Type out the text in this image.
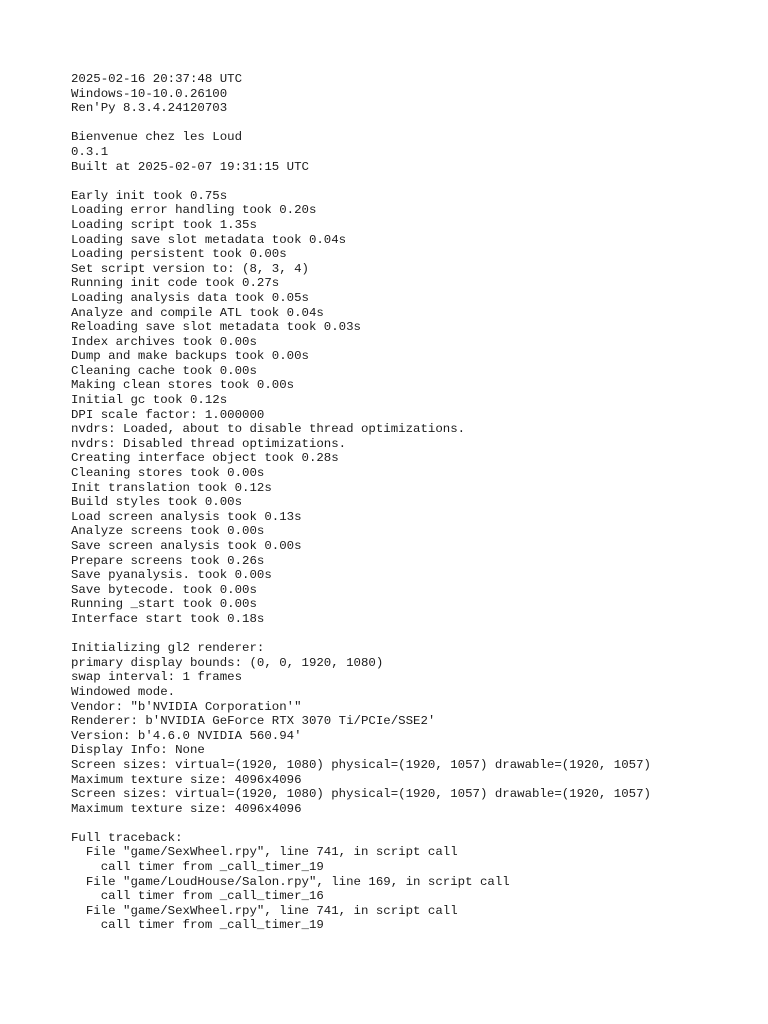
2025-02-16 20:37:48 UTC
Windows-10-10.0.26100
Ren'Py 8.3.4.24120703
Bienvenue chez les Loud
0.3.1
Built at 2025-02-07 19:31:15 UTC
Early init took 0.75s
Loading error handling took 0.20s
Loading script took 1.35s
Loading save slot metadata took 0.04s
Loading persistent took 0.00s
Set script version to: (8, 3, 4)
Running init code took 0.27s
Loading analysis data took 0.05s
Analyze and compile ATL took 0.04s
Reloading save slot metadata took 0.03s
Index archives took 0.00s
Dump and make backups took 0.00s
Cleaning cache took 0.00s
Making clean stores took 0.00s
Initial gc took 0.12s
DPI scale factor: 1.000000
nvdrs: Loaded, about to disable thread optimizations.
nvdrs: Disabled thread optimizations.
Creating interface object took 0.28s
Cleaning stores took 0.00s
Init translation took 0.12s
Build styles took 0.00s
Load screen analysis took 0.13s
Analyze screens took 0.00s
Save screen analysis took 0.00s
Prepare screens took 0.26s
Save pyanalysis. took 0.00s
Save bytecode. took 0.00s
Running _start took 0.00s
Interface start took 0.18s
Initializing gl2 renderer:
primary display bounds: (0, 0, 1920, 1080)
swap interval: 1 frames
Windowed mode.
Vendor: "b'NVIDIA Corporation'"
Renderer: b'NVIDIA GeForce RTX 3070 Ti/PCIe/SSE2'
Version: b'4.6.0 NVIDIA 560.94'
Display Info: None
Screen sizes: virtual=(1920, 1080) physical=(1920, 1057) drawable=(1920, 1057)
Maximum texture size: 4096x4096
Screen sizes: virtual=(1920, 1080) physical=(1920, 1057) drawable=(1920, 1057)
Maximum texture size: 4096x4096
Full traceback:
File "game/SexWheel.rpy", line 741, in script call
call timer from _call_timer_19
File "game/LoudHouse/Salon.rpy", line 169, in script call
call timer from _call_timer_16
File "game/SexWheel.rpy", line 741, in script call
call timer from _call_timer_19
